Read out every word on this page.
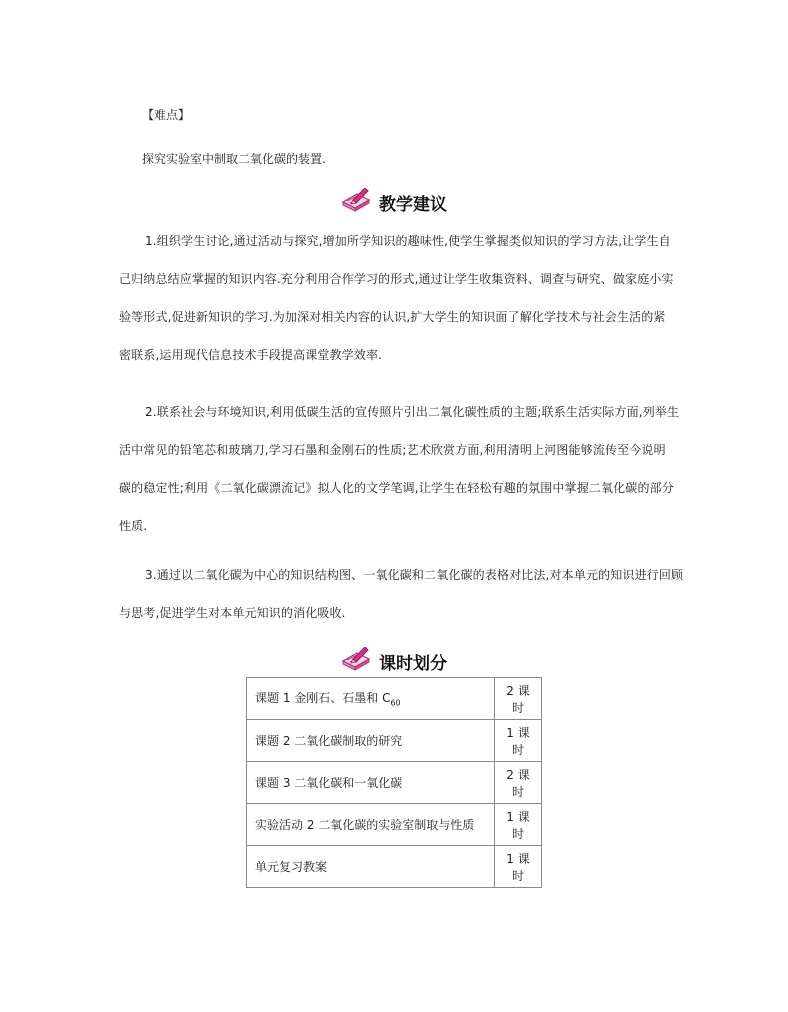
【难点】
探究实验室中制取二氧化碳的装置.
教学建议
1.组织学生讨论,通过活动与探究,增加所学知识的趣味性,使学生掌握类似知识的学习方法,让学生自
己归纳总结应掌握的知识内容.充分利用合作学习的形式,通过让学生收集资料、调查与研究、做家庭小实
验等形式,促进新知识的学习.为加深对相关内容的认识,扩大学生的知识面了解化学技术与社会生活的紧
密联系,运用现代信息技术手段提高课堂教学效率.
2.联系社会与环境知识,利用低碳生活的宣传照片引出二氧化碳性质的主题;联系生活实际方面,列举生
活中常见的铅笔芯和玻璃刀,学习石墨和金刚石的性质;艺术欣赏方面,利用清明上河图能够流传至今说明
碳的稳定性;利用《二氧化碳漂流记》拟人化的文学笔调,让学生在轻松有趣的氛围中掌握二氧化碳的部分
性质.
3.通过以二氧化碳为中心的知识结构图、一氧化碳和二氧化碳的表格对比法,对本单元的知识进行回顾
与思考,促进学生对本单元知识的消化吸收.
课时划分
课题 1 金刚石、石墨和 $C_{60}$	2 课时
课题 2 二氧化碳制取的研究	1 课时
课题 3 二氧化碳和一氧化碳	2 课时
实验活动 2 二氧化碳的实验室制取与性质	1 课时
单元复习教案	1 课时
